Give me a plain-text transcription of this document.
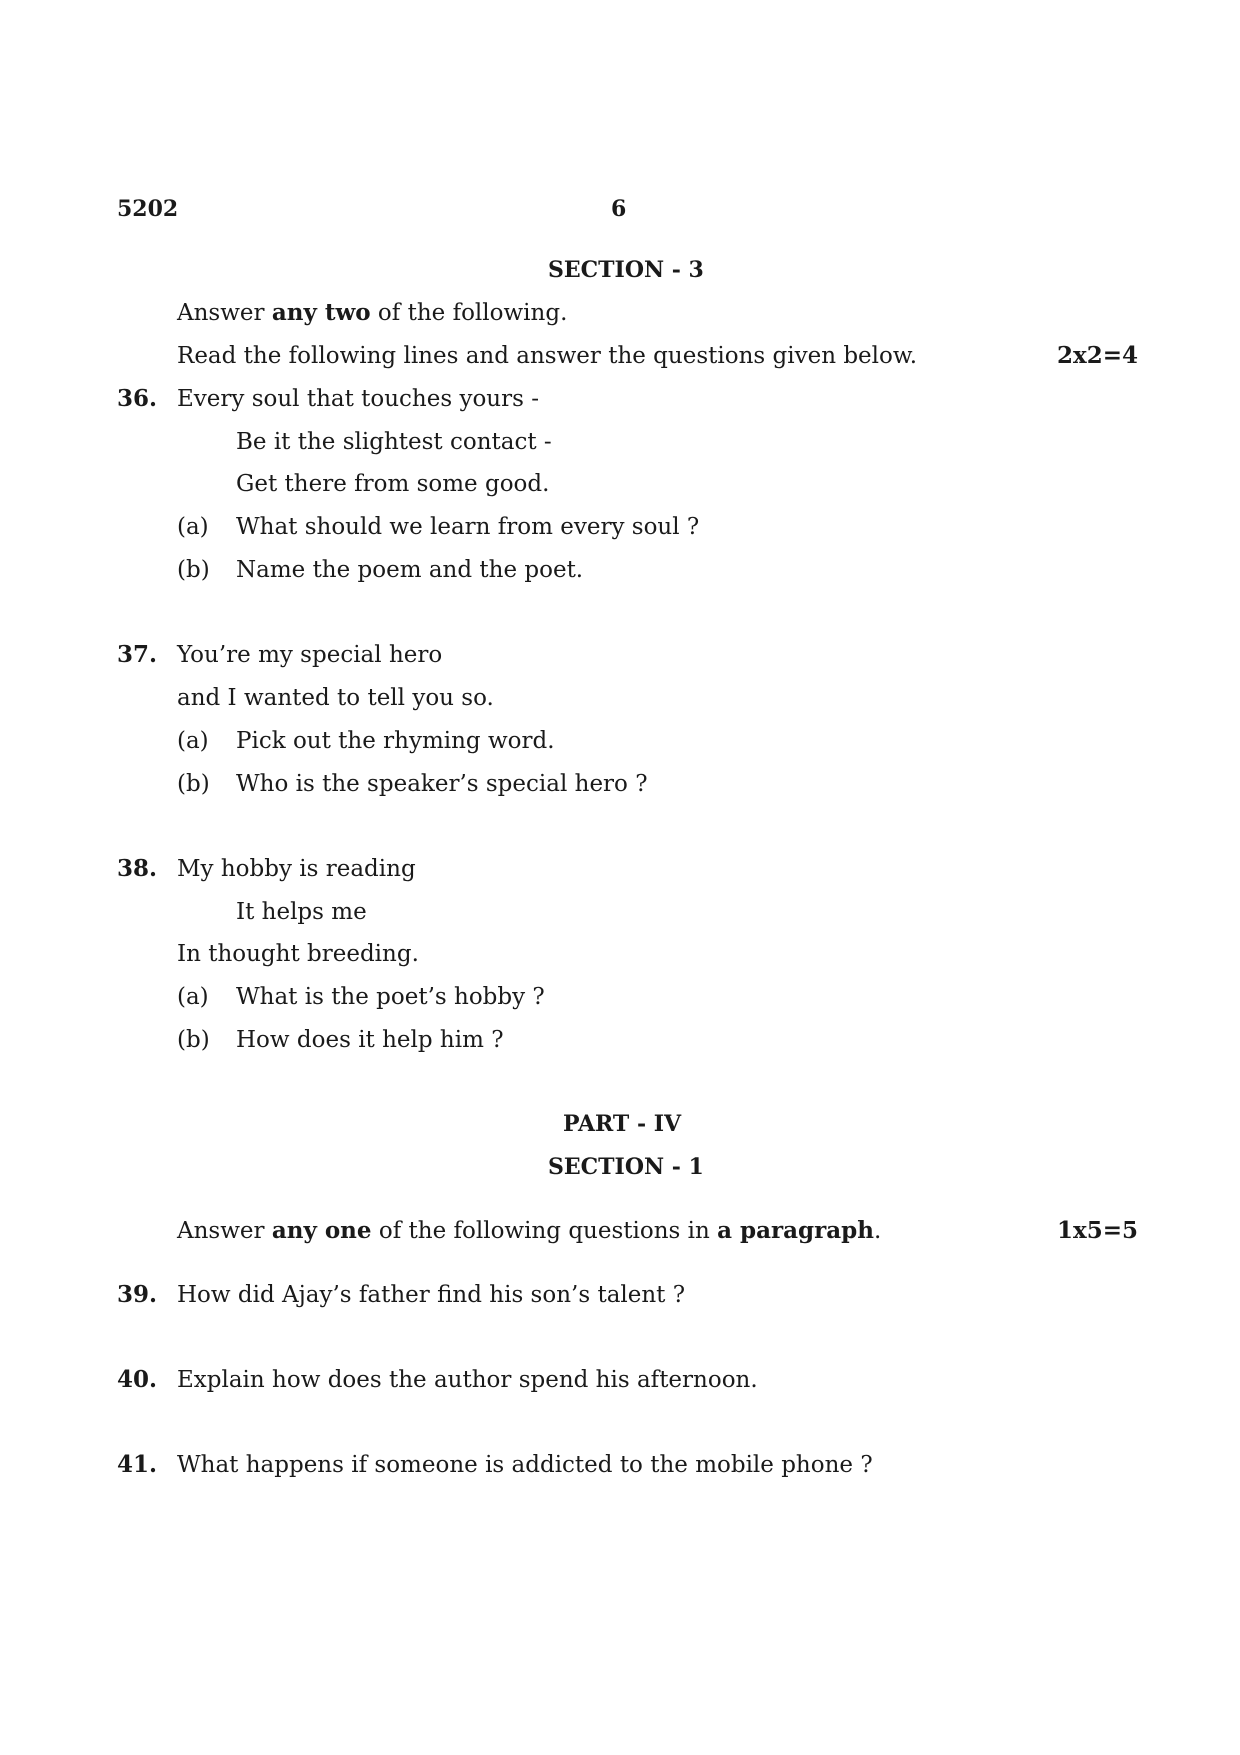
5202	6
SECTION - 3
Answer any two of the following.
Read the following lines and answer the questions given below.	2x2=4
36. Every soul that touches yours -
Be it the slightest contact -
Get there from some good.
(a) What should we learn from every soul ?
(b) Name the poem and the poet.
37. You’re my special hero
and I wanted to tell you so.
(a) Pick out the rhyming word.
(b) Who is the speaker’s special hero ?
38. My hobby is reading
It helps me
In thought breeding.
(a) What is the poet’s hobby ?
(b) How does it help him ?
PART - IV
SECTION - 1
Answer any one of the following questions in a paragraph.	1x5=5
39. How did Ajay’s father find his son’s talent ?
40. Explain how does the author spend his afternoon.
41. What happens if someone is addicted to the mobile phone ?
